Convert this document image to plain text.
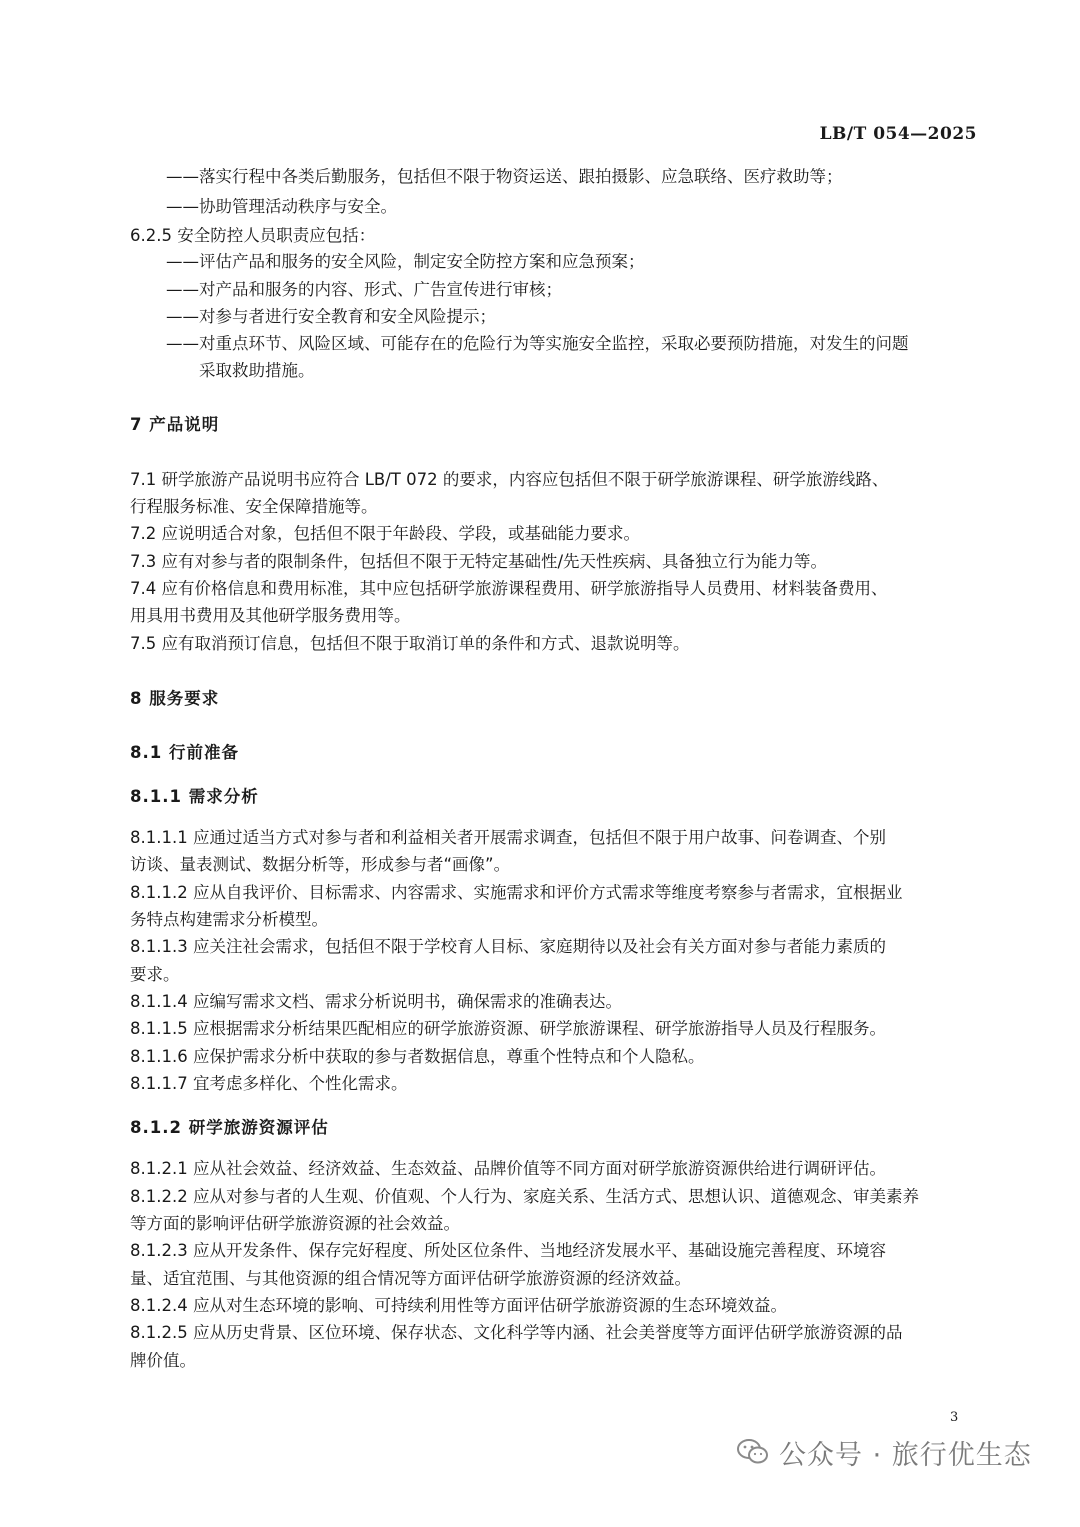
LB/T 054—2025
——落实行程中各类后勤服务，包括但不限于物资运送、跟拍摄影、应急联络、医疗救助等；
——协助管理活动秩序与安全。
6.2.5 安全防控人员职责应包括：
——评估产品和服务的安全风险，制定安全防控方案和应急预案；
——对产品和服务的内容、形式、广告宣传进行审核；
——对参与者进行安全教育和安全风险提示；
——对重点环节、风险区域、可能存在的危险行为等实施安全监控，采取必要预防措施，对发生的问题
采取救助措施。
7 产品说明
7.1 研学旅游产品说明书应符合 LB/T 072 的要求，内容应包括但不限于研学旅游课程、研学旅游线路、
行程服务标准、安全保障措施等。
7.2 应说明适合对象，包括但不限于年龄段、学段，或基础能力要求。
7.3 应有对参与者的限制条件，包括但不限于无特定基础性/先天性疾病、具备独立行为能力等。
7.4 应有价格信息和费用标准，其中应包括研学旅游课程费用、研学旅游指导人员费用、材料装备费用、
用具用书费用及其他研学服务费用等。
7.5 应有取消预订信息，包括但不限于取消订单的条件和方式、退款说明等。
8 服务要求
8.1 行前准备
8.1.1 需求分析
8.1.1.1 应通过适当方式对参与者和利益相关者开展需求调查，包括但不限于用户故事、问卷调查、个别
访谈、量表测试、数据分析等，形成参与者“画像”。
8.1.1.2 应从自我评价、目标需求、内容需求、实施需求和评价方式需求等维度考察参与者需求，宜根据业
务特点构建需求分析模型。
8.1.1.3 应关注社会需求，包括但不限于学校育人目标、家庭期待以及社会有关方面对参与者能力素质的
要求。
8.1.1.4 应编写需求文档、需求分析说明书，确保需求的准确表达。
8.1.1.5 应根据需求分析结果匹配相应的研学旅游资源、研学旅游课程、研学旅游指导人员及行程服务。
8.1.1.6 应保护需求分析中获取的参与者数据信息，尊重个性特点和个人隐私。
8.1.1.7 宜考虑多样化、个性化需求。
8.1.2 研学旅游资源评估
8.1.2.1 应从社会效益、经济效益、生态效益、品牌价值等不同方面对研学旅游资源供给进行调研评估。
8.1.2.2 应从对参与者的人生观、价值观、个人行为、家庭关系、生活方式、思想认识、道德观念、审美素养
等方面的影响评估研学旅游资源的社会效益。
8.1.2.3 应从开发条件、保存完好程度、所处区位条件、当地经济发展水平、基础设施完善程度、环境容
量、适宜范围、与其他资源的组合情况等方面评估研学旅游资源的经济效益。
8.1.2.4 应从对生态环境的影响、可持续利用性等方面评估研学旅游资源的生态环境效益。
8.1.2.5 应从历史背景、区位环境、保存状态、文化科学等内涵、社会美誉度等方面评估研学旅游资源的品
牌价值。
3
公众号 · 旅行优生态
